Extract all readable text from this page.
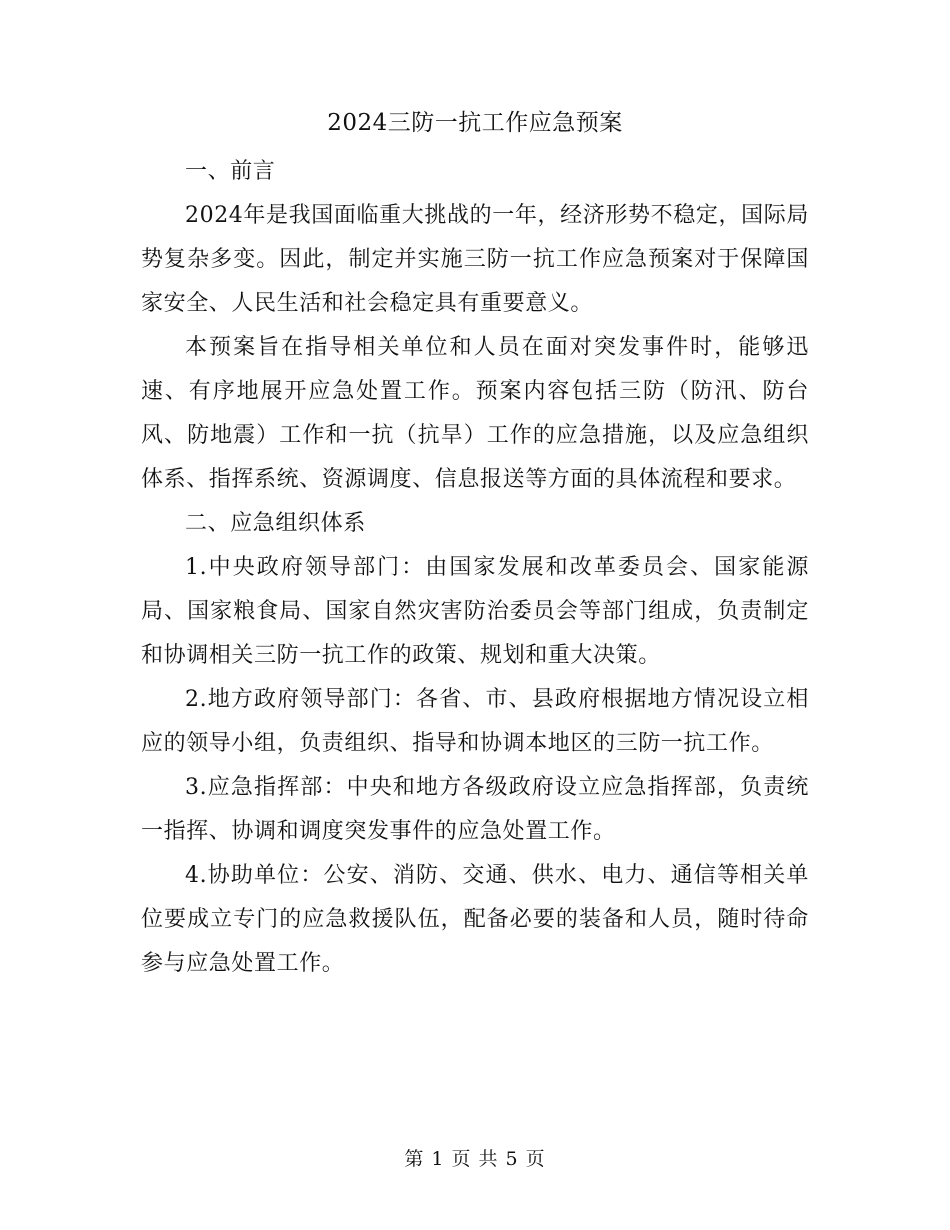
2024三防一抗工作应急预案

一、前言

2024年是我国面临重大挑战的一年，经济形势不稳定，国际局势复杂多变。因此，制定并实施三防一抗工作应急预案对于保障国家安全、人民生活和社会稳定具有重要意义。

本预案旨在指导相关单位和人员在面对突发事件时，能够迅速、有序地展开应急处置工作。预案内容包括三防（防汛、防台风、防地震）工作和一抗（抗旱）工作的应急措施，以及应急组织体系、指挥系统、资源调度、信息报送等方面的具体流程和要求。

二、应急组织体系

1.中央政府领导部门：由国家发展和改革委员会、国家能源局、国家粮食局、国家自然灾害防治委员会等部门组成，负责制定和协调相关三防一抗工作的政策、规划和重大决策。

2.地方政府领导部门：各省、市、县政府根据地方情况设立相应的领导小组，负责组织、指导和协调本地区的三防一抗工作。

3.应急指挥部：中央和地方各级政府设立应急指挥部，负责统一指挥、协调和调度突发事件的应急处置工作。

4.协助单位：公安、消防、交通、供水、电力、通信等相关单位要成立专门的应急救援队伍，配备必要的装备和人员，随时待命参与应急处置工作。

第 1 页 共 5 页
